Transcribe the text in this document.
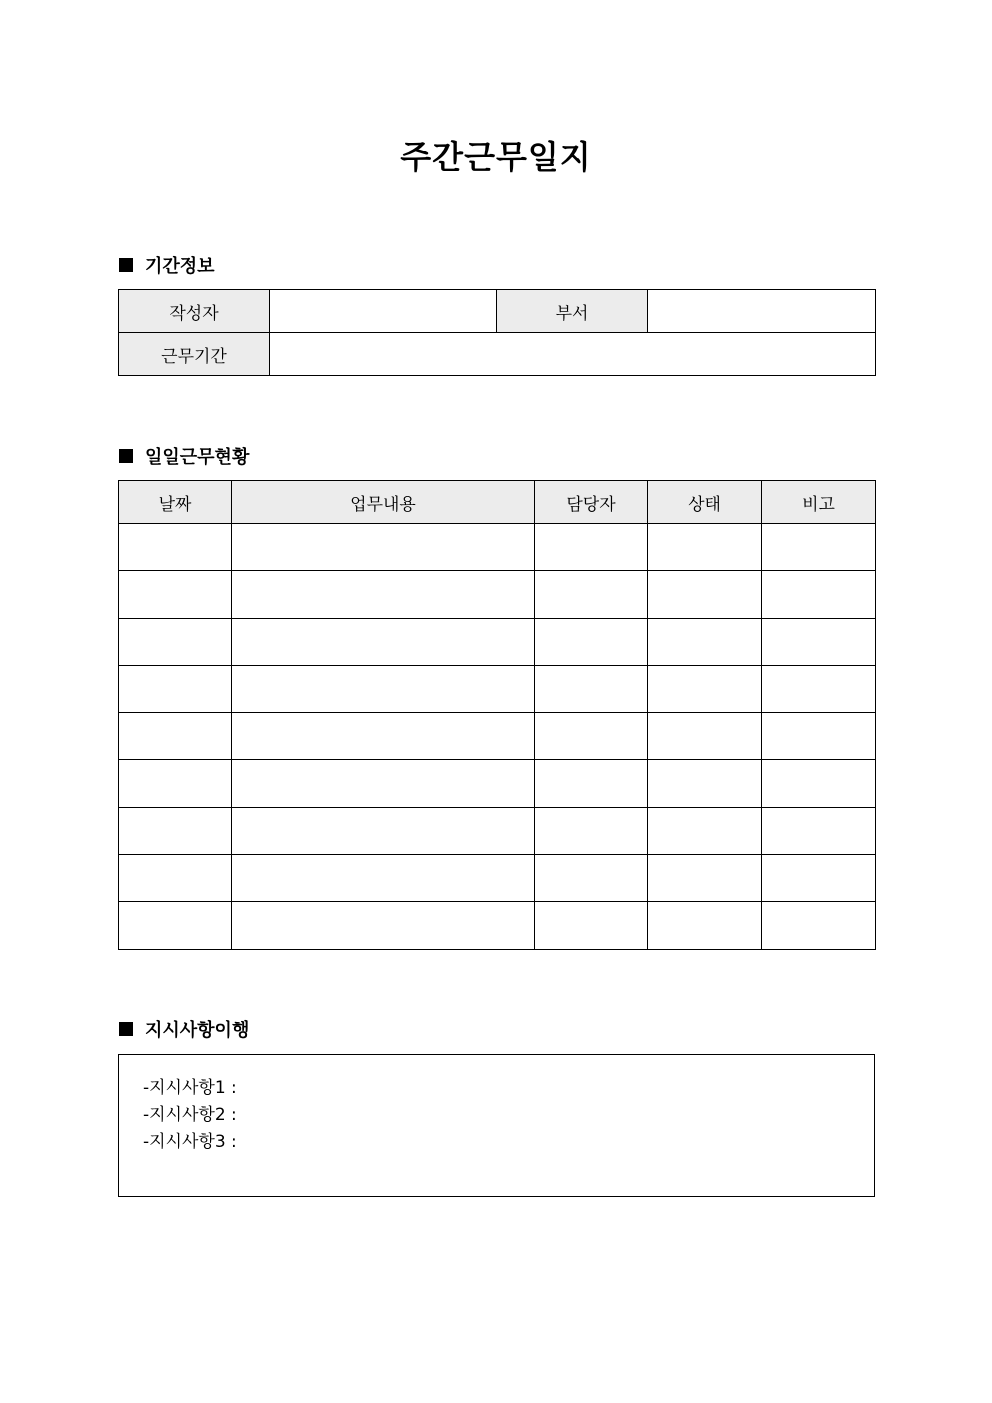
주간근무일지
기간정보
작성자		부서	
근무기간			
일일근무현황
날짜	업무내용	담당자	상태	비고

지시사항이행
-지시사항1 :
-지시사항2 :
-지시사항3 :
